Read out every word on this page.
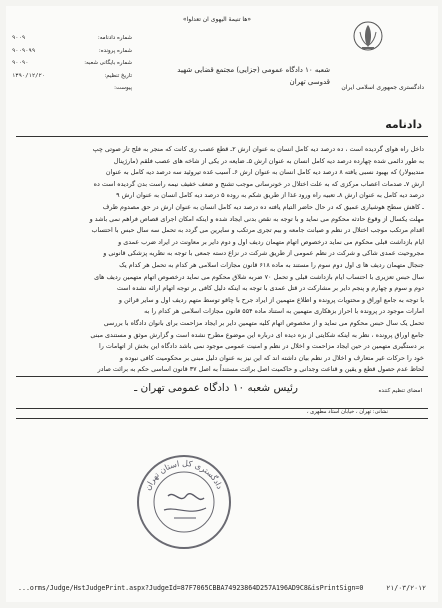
«ها تنیمۀ الیهوی ان تعدلوا»
دادگستری جمهوری اسلامی ایران
شعبه ۱۰ دادگاه عمومی (جزایی) مجتمع قضایی شهید
قدوسی تهران
شماره دادنامه:
۹۰۰۹
شماره پرونده:
۹۰۰۹۰۹۹
شماره بایگانی شعبه:
۹۰۰۹۰
تاریخ تنظیم:
۱۳۹۰/۱۲/۲۰
پیوست:
دادنامه
داخل راه هوای گردیده است ، ده درصد دیه کامل انسان به عنوان ارش ۲ـ قطع عصب ری کانت که منجر به فلج تار صوتی چپ
به طور دائمی شده چهارده درصد دیه کامل انسان به عنوان ارش ۵ـ ضایعه در یکی از شاخه های عصب فلقم (مارژینال
مندیبولار) که بهبود نسبی یافته ۸ درصد دیه کامل انسان به عنوان ارش ۶ـ آسیب غده تیروئید سه درصد دیه کامل به عنوان
ارش ۷ـ صدمات اعصاب مرکزی که به علت اختلال در خونرسانی موجب تشنج و ضعف خفیف نیمه راست بدن گردیده است ده
درصد دیه کامل به عنوان ارش ۸ـ تعبیه راه ورود غذا از طریق شکم به روده ۵ درصد دیه کامل انسان به عنوان ارش ۹
ـ کاهش سطح هوشیاری عمیق که در حال حاضر التیام یافته ده درصد دیه کامل انسان به عنوان ارش در حق مصدوم ظرف
مهلت یکسال از وقوع حادثه محکوم می نماید و با توجه به نقص بدنی ایجاد شده و اینکه امکان اجرای قصاص فراهم نمی باشد و
اقدام مرتکب موجب اختلال در نظم و صیانت جامعه و بیم تجری مرتکب و سایرین می گردد به تحمل سه سال حبس با احتساب
ایام بازداشت قبلی محکوم می نماید درخصوص اتهام متهمان ردیف اول و دوم دایر بر معاونت در ایراد ضرب عمدی و
مجروحیت عمدی شاکی و شرکت در نظم عمومی از طریق شرکت در نزاع دسته جمعی با توجه به نظریه پزشکی قانونی و
جنجال متهمان ردیف ها ی اول دوم سوم را مستند به ماده ۶۱۸ قانون مجازات اسلامی هر کدام به تحمل هر کدام یک
سال حبس تعزیری با احتساب ایام بازداشت قبلی و تحمل ۷۰ ضربه شلاق محکوم می نماید درخصوص اتهام متهمین ردیف های
دوم و سوم و چهارم و پنجم دایر بر مشارکت در قتل عمدی با توجه به اینکه دلیل کافی بر توجه اتهام ارائه نشده است
با توجه به جامع اوراق و محتویات پرونده و اطلاع متهمین از ایراد جرح با چاقو توسط متهم ردیف اول و سایر قرائن و
امارات موجود در پرونده با احراز بزهکاری متهمین به استناد ماده ۵۵۴ قانون مجازات اسلامی هر کدام را به
تحمل یک سال حبس محکوم می نماید و از مخصوص اتهام کلیه متهمین دایر بر ایجاد مزاحمت برای بانوان دادگاه با بررسی
جامع اوراق پرونده ، نظر به اینکه شکایتی از بزه دیده ای درباره این موضوع مطرح نشده است و گزارش موثق و مستندی مبنی
بر دستگیری متهمین در حین ایجاد مزاحمت و اخلال در نظم و امنیت عمومی موجود نمی باشد دادگاه این بخش از اتهامات را
خود را حرکات غیر متعارف و اخلال در نظم بیان داشته اند که این نیز به عنوان دلیل مبنی بر محکومیت کافی نبوده و
لحاظ عدم حصول قطع و یقین و قناعت وجدانی و حاکمیت اصل برائت مستنداً به اصل ۳۷ قانون اساسی حکم به برائت صادر
رئیس شعبه ۱۰ دادگاه عمومی تهران ـ	امضای تنظیم کننده
نشانی: تهران ، خیابان استاد مطهری ،
دادگستری کل استان تهران
...orms/Judge/HstJudgePrint.aspx?JudgeId=87F7065CBBA74923864D257A196AD9C8&isPrintSign=0	۲۱/۰۳/۲۰۱۲
